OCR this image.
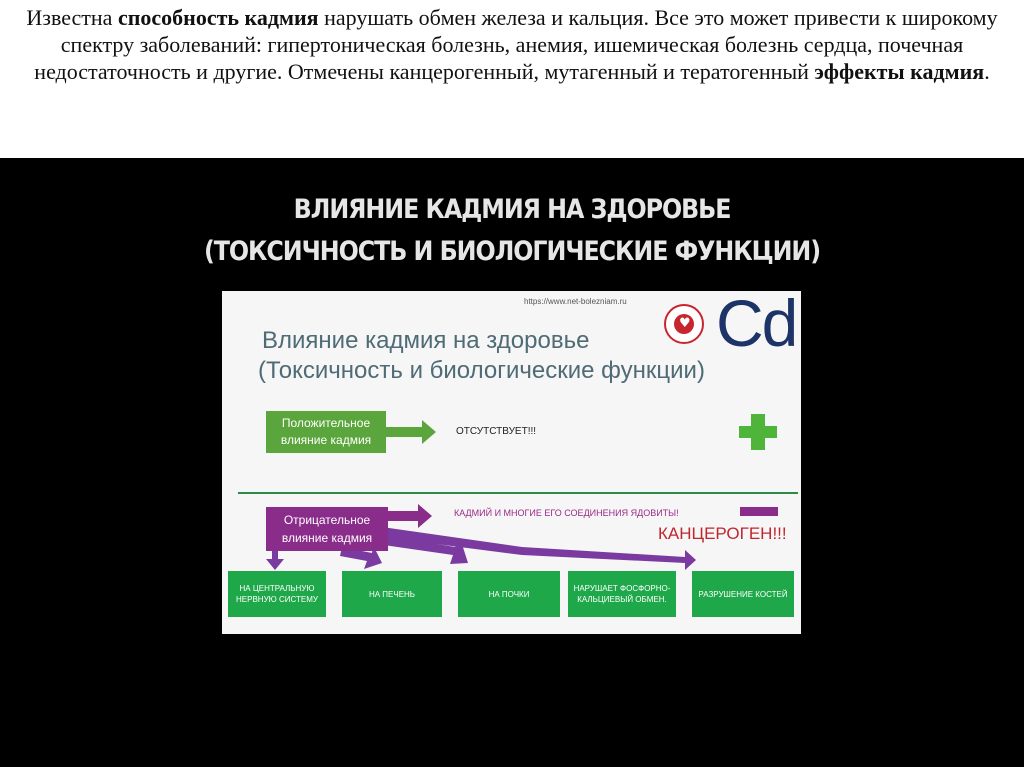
Известна способность кадмия нарушать обмен железа и кальция. Все это может привести к широкому спектру заболеваний: гипертоническая болезнь, анемия, ишемическая болезнь сердца, почечная недостаточность и другие. Отмечены канцерогенный, мутагенный и тератогенный эффекты кадмия.

ВЛИЯНИЕ КАДМИЯ НА ЗДОРОВЬЕ
(ТОКСИЧНОСТЬ И БИОЛОГИЧЕСКИЕ ФУНКЦИИ)
https://www.net-bolezniam.ru
♥ Cd
Влияние кадмия на здоровье
(Токсичность и биологические функции)
Положительное
влияние кадмия
ОТСУТСТВУЕТ!!!
Отрицательное
влияние кадмия
КАДМИЙ И МНОГИЕ ЕГО СОЕДИНЕНИЯ ЯДОВИТЫ!
КАНЦЕРОГЕН!!!
НА ЦЕНТРАЛЬНУЮ НЕРВНУЮ СИСТЕМУ
НА ПЕЧЕНЬ	НА ПОЧКИ
НАРУШАЕТ ФОСФОРНО-КАЛЬЦИЕВЫЙ ОБМЕН.
РАЗРУШЕНИЕ КОСТЕЙ
